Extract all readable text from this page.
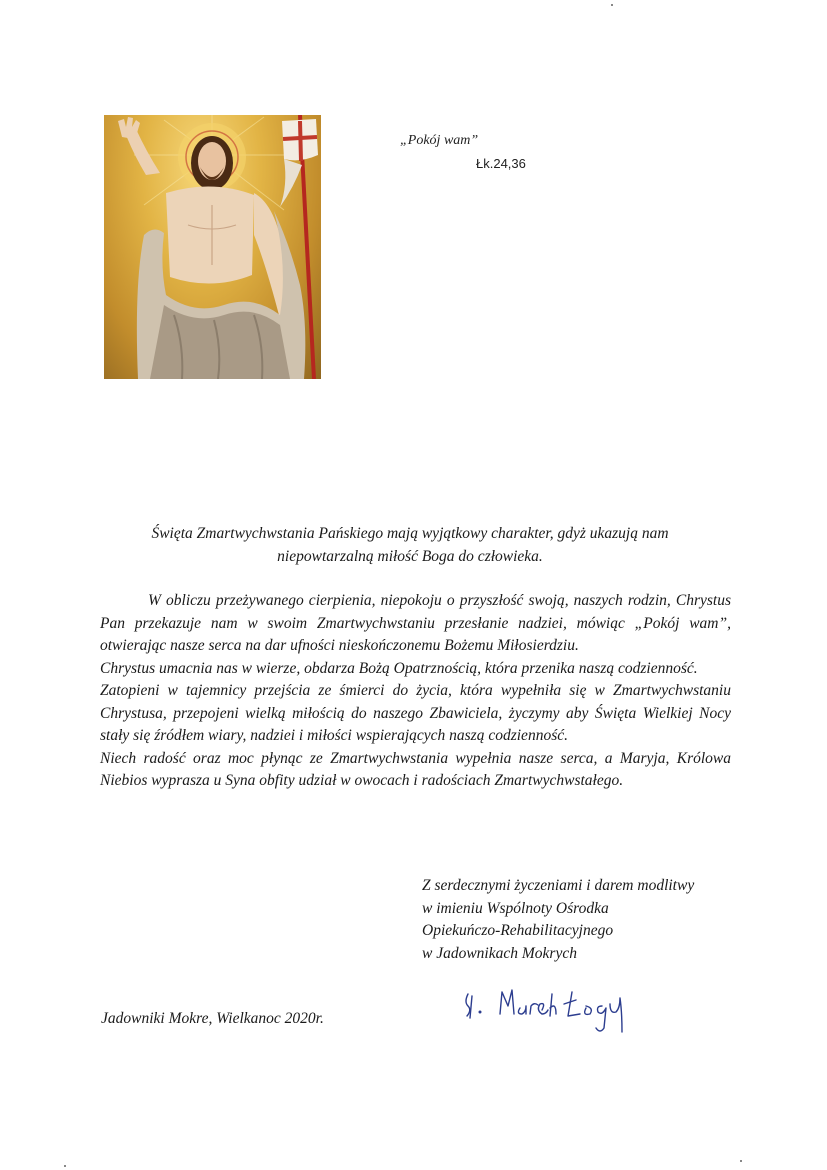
„Pokój wam”
Łk.24,36
Święta Zmartwychwstania Pańskiego mają wyjątkowy charakter, gdyż ukazują nam
niepowtarzalną miłość Boga do człowieka.

W obliczu przeżywanego cierpienia, niepokoju o przyszłość swoją, naszych rodzin, Chrystus Pan przekazuje nam w swoim Zmartwychwstaniu przesłanie nadziei, mówiąc „Pokój wam”, otwierając nasze serca na dar ufności nieskończonemu Bożemu Miłosierdziu.

Chrystus umacnia nas w wierze, obdarza Bożą Opatrznością, która przenika naszą codzienność.

Zatopieni w tajemnicy przejścia ze śmierci do życia, która wypełniła się w Zmartwychwstaniu Chrystusa, przepojeni wielką miłością do naszego Zbawiciela, życzymy aby Święta Wielkiej Nocy stały się źródłem wiary, nadziei i miłości wspierających naszą codzienność.

Niech radość oraz moc płynąc ze Zmartwychwstania wypełnia nasze serca, a Maryja, Królowa Niebios wyprasza u Syna obfity udział w owocach i radościach Zmartwychwstałego.

Z serdecznymi życzeniami i darem modlitwy
w imieniu Wspólnoty Ośrodka
Opiekuńczo-Rehabilitacyjnego
w Jadownikach Mokrych
Jadowniki Mokre, Wielkanoc 2020r.
